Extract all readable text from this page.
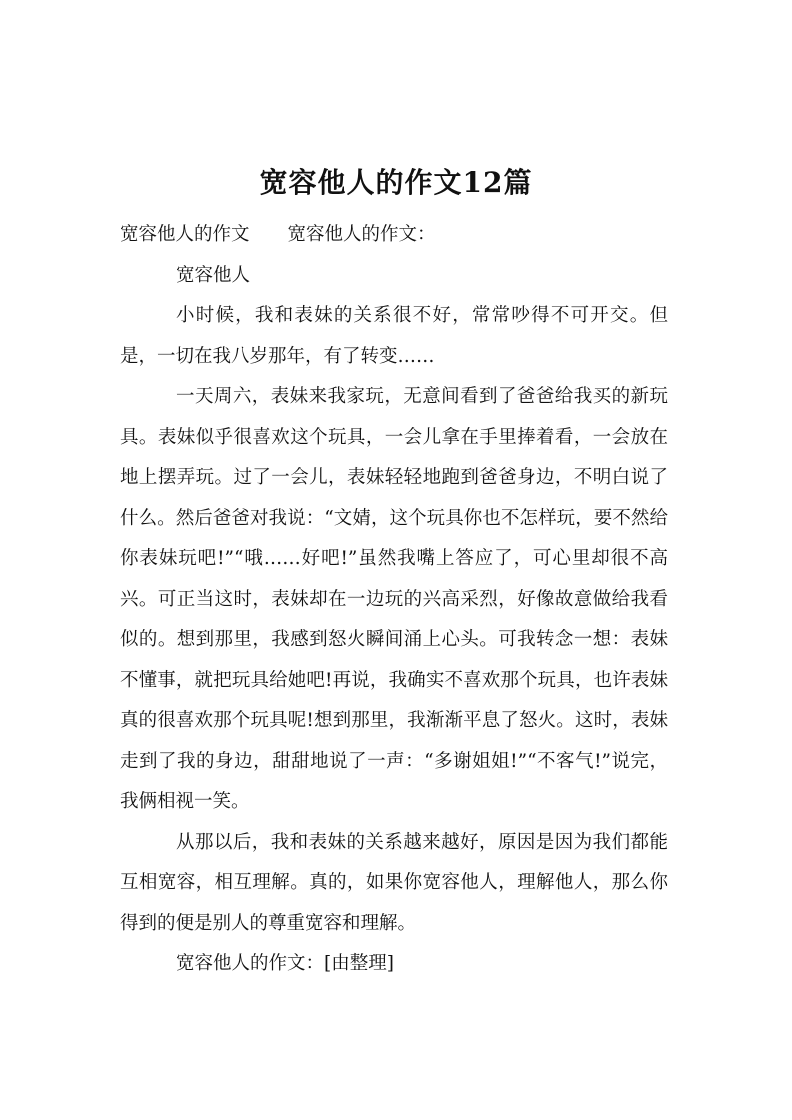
宽容他人的作文12篇

宽容他人的作文 宽容他人的作文：

宽容他人

小时候，我和表妹的关系很不好，常常吵得不可开交。但是，一切在我八岁那年，有了转变……

一天周六，表妹来我家玩，无意间看到了爸爸给我买的新玩具。表妹似乎很喜欢这个玩具，一会儿拿在手里捧着看，一会放在地上摆弄玩。过了一会儿，表妹轻轻地跑到爸爸身边，不明白说了什么。然后爸爸对我说：“文婧，这个玩具你也不怎样玩，要不然给你表妹玩吧!”“哦……好吧!”虽然我嘴上答应了，可心里却很不高兴。可正当这时，表妹却在一边玩的兴高采烈，好像故意做给我看似的。想到那里，我感到怒火瞬间涌上心头。可我转念一想：表妹不懂事，就把玩具给她吧!再说，我确实不喜欢那个玩具，也许表妹真的很喜欢那个玩具呢!想到那里，我渐渐平息了怒火。这时，表妹走到了我的身边，甜甜地说了一声：“多谢姐姐!”“不客气!”说完，我俩相视一笑。

从那以后，我和表妹的关系越来越好，原因是因为我们都能互相宽容，相互理解。真的，如果你宽容他人，理解他人，那么你得到的便是别人的尊重宽容和理解。

宽容他人的作文：[由整理]
